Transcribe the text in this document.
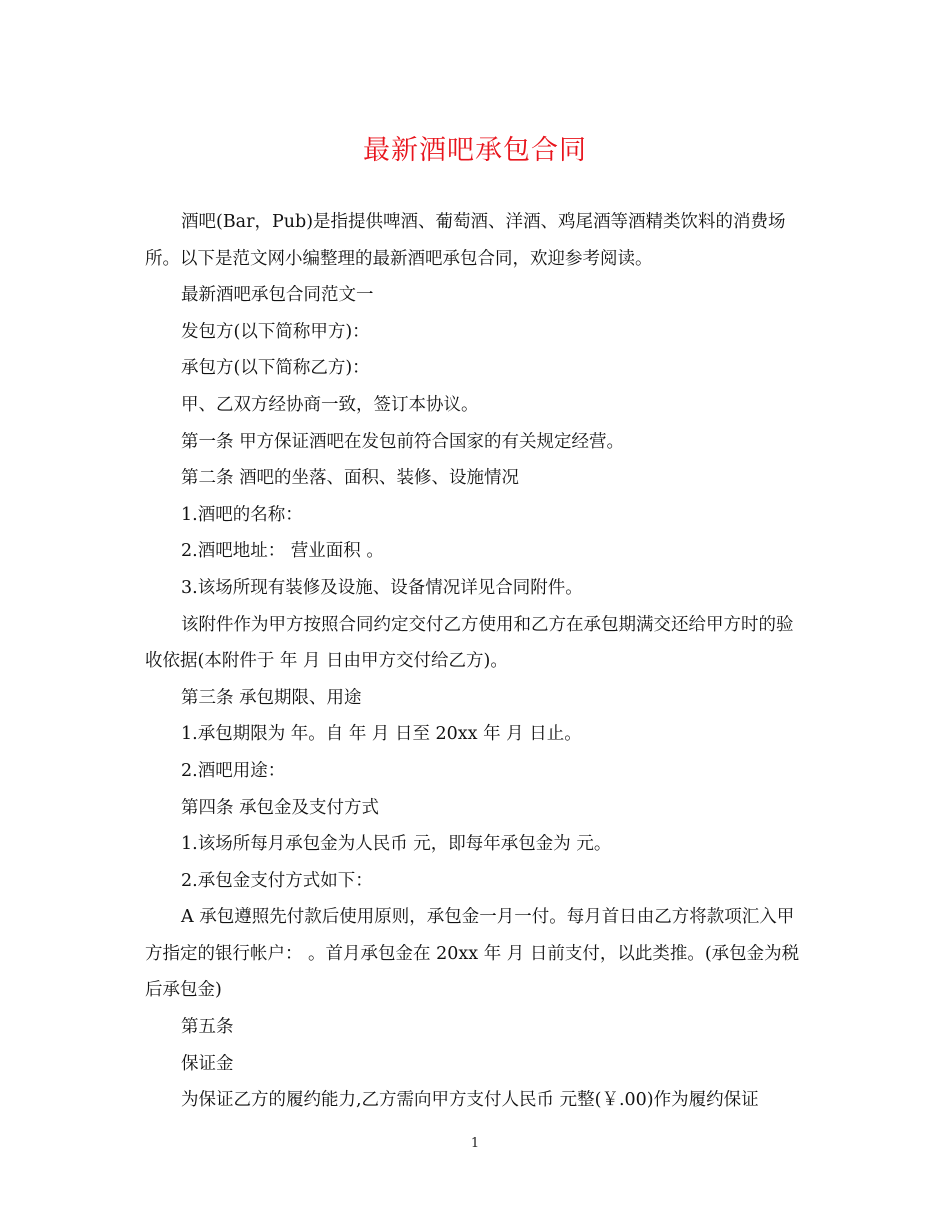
最新酒吧承包合同

酒吧(Bar，Pub)是指提供啤酒、葡萄酒、洋酒、鸡尾酒等酒精类饮料的消费场所。以下是范文网小编整理的最新酒吧承包合同，欢迎参考阅读。

最新酒吧承包合同范文一

发包方(以下简称甲方)：

承包方(以下简称乙方)：

甲、乙双方经协商一致，签订本协议。

第一条 甲方保证酒吧在发包前符合国家的有关规定经营。

第二条 酒吧的坐落、面积、装修、设施情况

1.酒吧的名称：

2.酒吧地址： 营业面积 。

3.该场所现有装修及设施、设备情况详见合同附件。

该附件作为甲方按照合同约定交付乙方使用和乙方在承包期满交还给甲方时的验收依据(本附件于 年 月 日由甲方交付给乙方)。

第三条 承包期限、用途

1.承包期限为 年。自 年 月 日至 20xx 年 月 日止。

2.酒吧用途：

第四条 承包金及支付方式

1.该场所每月承包金为人民币 元，即每年承包金为 元。

2.承包金支付方式如下：

A 承包遵照先付款后使用原则，承包金一月一付。每月首日由乙方将款项汇入甲方指定的银行帐户： 。首月承包金在 20xx 年 月 日前支付，以此类推。(承包金为税后承包金)

第五条

保证金

为保证乙方的履约能力,乙方需向甲方支付人民币 元整(￥.00)作为履约保证

1
